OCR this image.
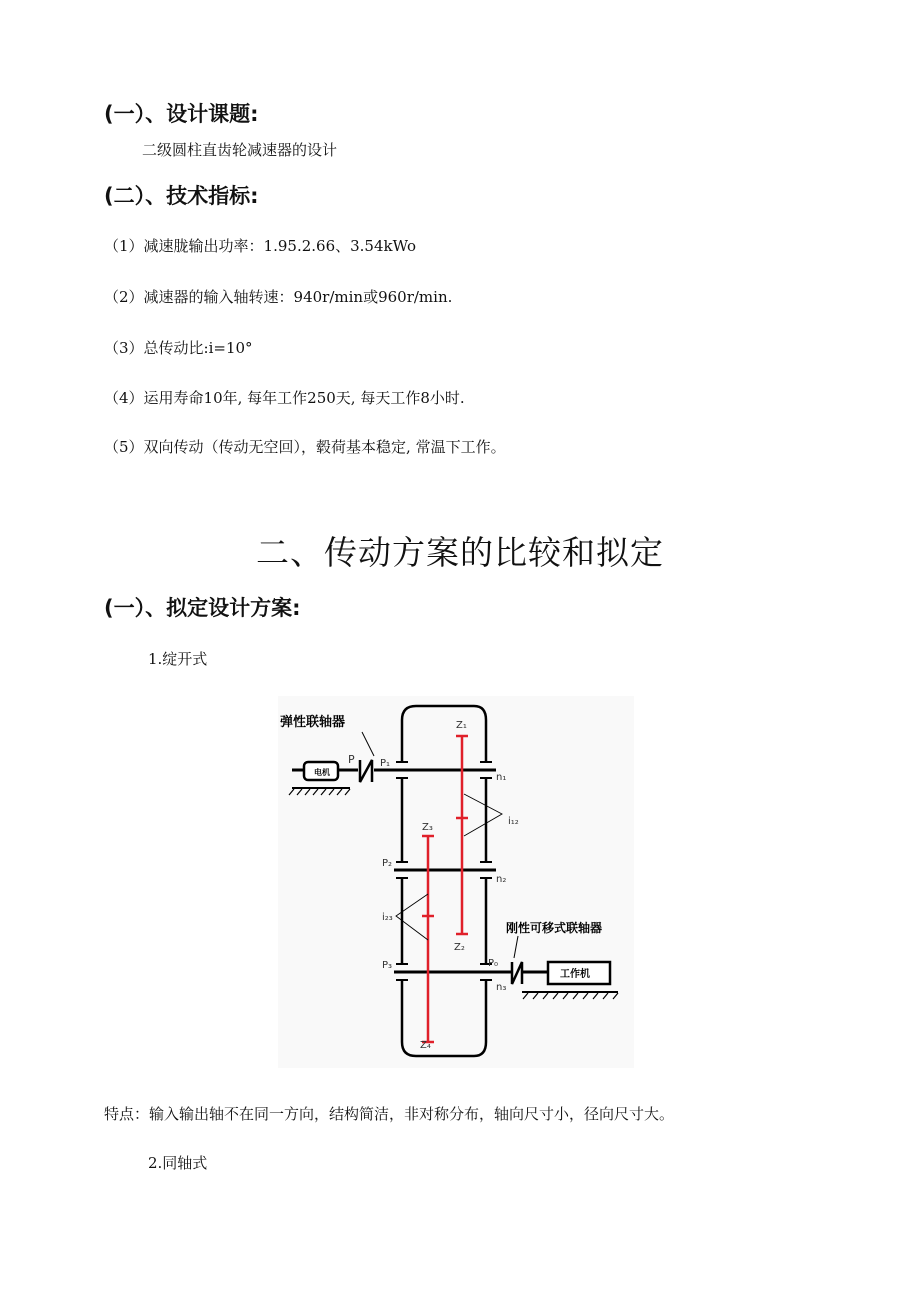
(一）、设计课题:
二级圆柱直齿轮减速器的设计
(二）、技术指标:
（1）减速胧输出功率：1.95.2.66、3.54kWo
（2）减速器的输入轴转速：940r/min或960r/min.
（3）总传动比:i=10°
（4）运用寿命10年, 每年工作250天, 每天工作8小时.
（5）双向传动（传动无空回），毂荷基本稳定, 常温下工作。
二、传动方案的比较和拟定
(一）、拟定设计方案:
1.绽开式
电机
弹性联轴器
P	P₁
刚性可移式联轴器
工作机
Z₁
Z₂
Z₃
Z₄
n₁
n₂
n₃
i₁₂
i₂₃
P₂
P₃	P₀
特点：输入输出轴不在同一方向，结构简洁，非对称分布，轴向尺寸小，径向尺寸大。
2.同轴式
